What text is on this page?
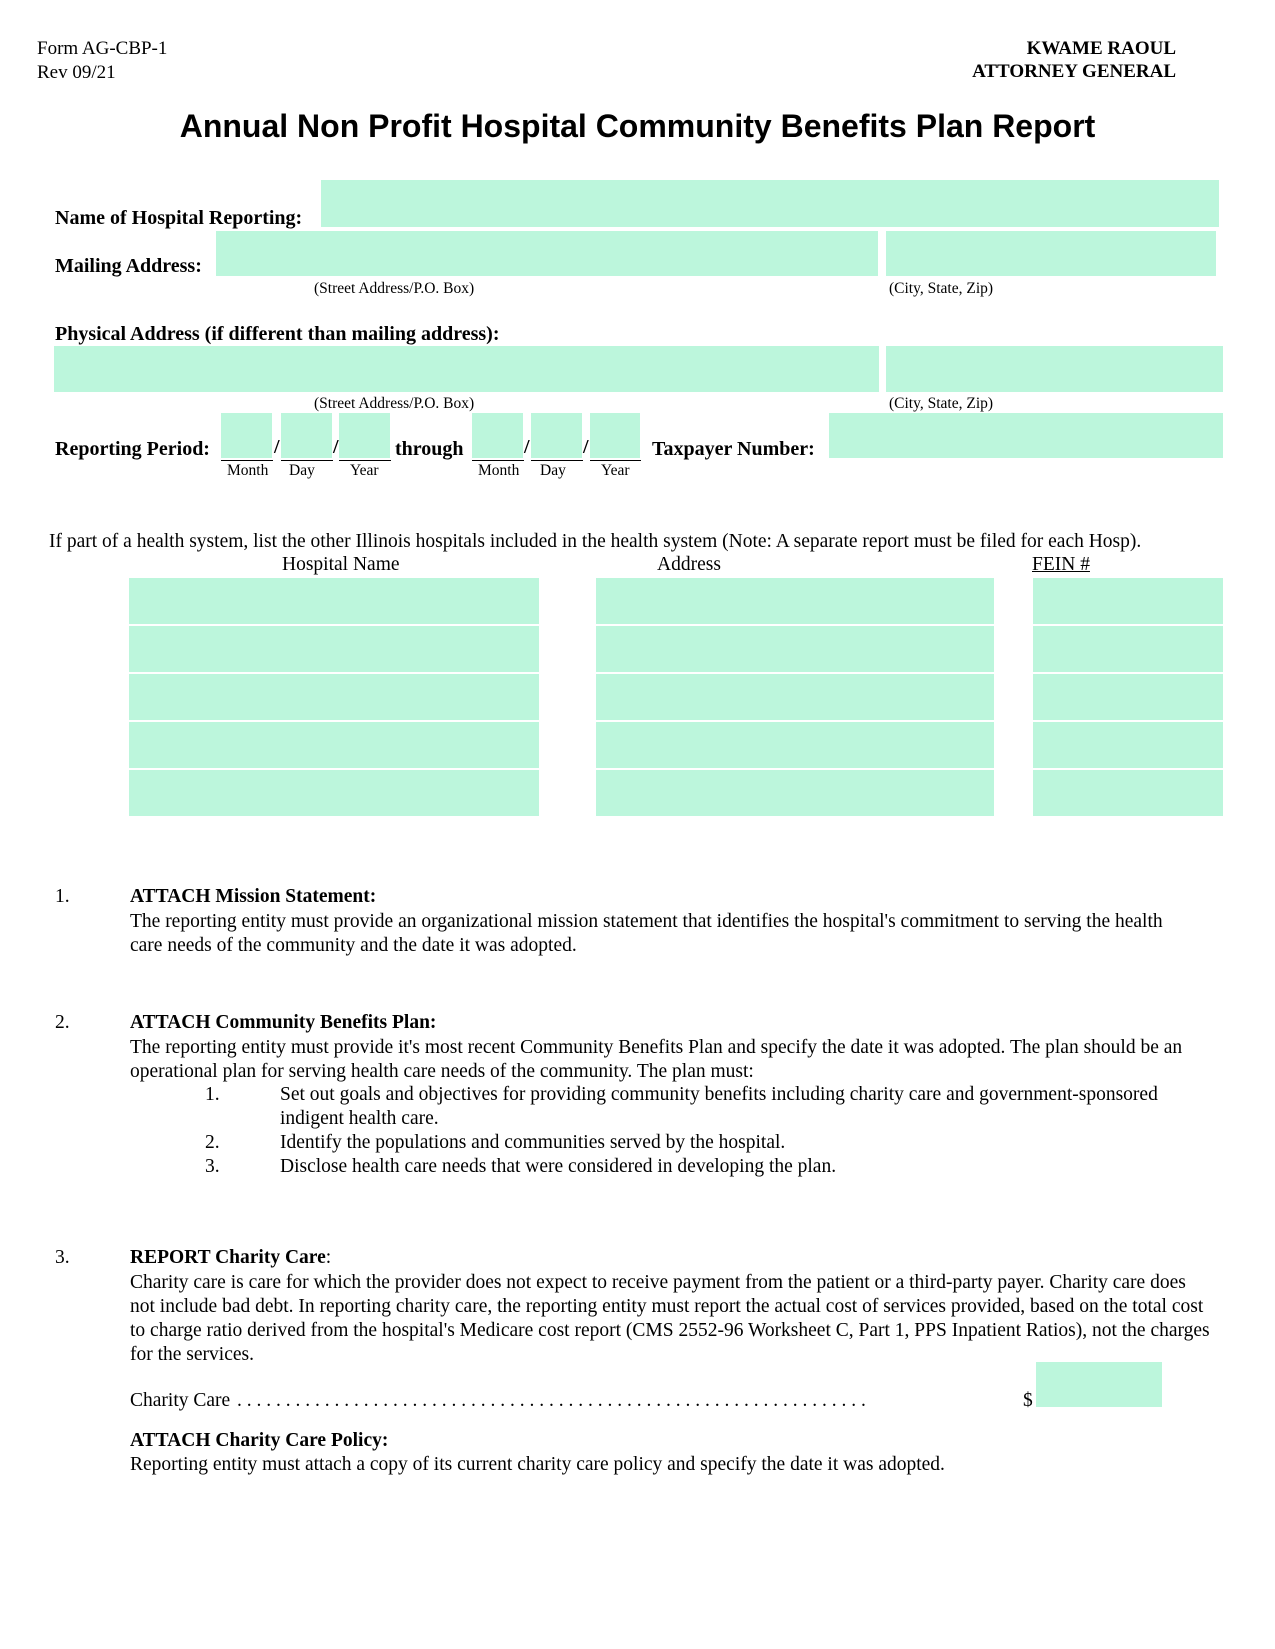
Form AG-CBP-1
Rev 09/21
KWAME RAOUL
ATTORNEY GENERAL
Annual Non Profit Hospital Community Benefits Plan Report
Name of Hospital Reporting:
Mailing Address:
(Street Address/P.O. Box)	(City, State, Zip)
Physical Address (if different than mailing address):
(Street Address/P.O. Box)	(City, State, Zip)
Reporting Period:	/	/
Month Day Year
through	/	/
Month Day Year
Taxpayer Number:
If part of a health system, list the other Illinois hospitals included in the health system (Note: A separate report must be filed for each Hosp).
Hospital Name	Address	FEIN #
1.	ATTACH Mission Statement:
The reporting entity must provide an organizational mission statement that identifies the hospital's commitment to serving the health care needs of the community and the date it was adopted.
2.	ATTACH Community Benefits Plan:
The reporting entity must provide it's most recent Community Benefits Plan and specify the date it was adopted. The plan should be an operational plan for serving health care needs of the community. The plan must:
1.	Set out goals and objectives for providing community benefits including charity care and government-sponsored
indigent health care.
2.	Identify the populations and communities served by the hospital.
3.	Disclose health care needs that were considered in developing the plan.
3.	REPORT Charity Care:
Charity care is care for which the provider does not expect to receive payment from the patient or a third-party payer. Charity care does not include bad debt. In reporting charity care, the reporting entity must report the actual cost of services provided, based on the total cost to charge ratio derived from the hospital's Medicare cost report (CMS 2552-96 Worksheet C, Part 1, PPS Inpatient Ratios), not the charges for the services.
Charity Care . . . . . . . . . . . . . . . . . . . . . . . . . . . . . . . . . . . . . . . . . . . . . . . . . . . . . . . . . . . . . . . . .	$
ATTACH Charity Care Policy:
Reporting entity must attach a copy of its current charity care policy and specify the date it was adopted.
